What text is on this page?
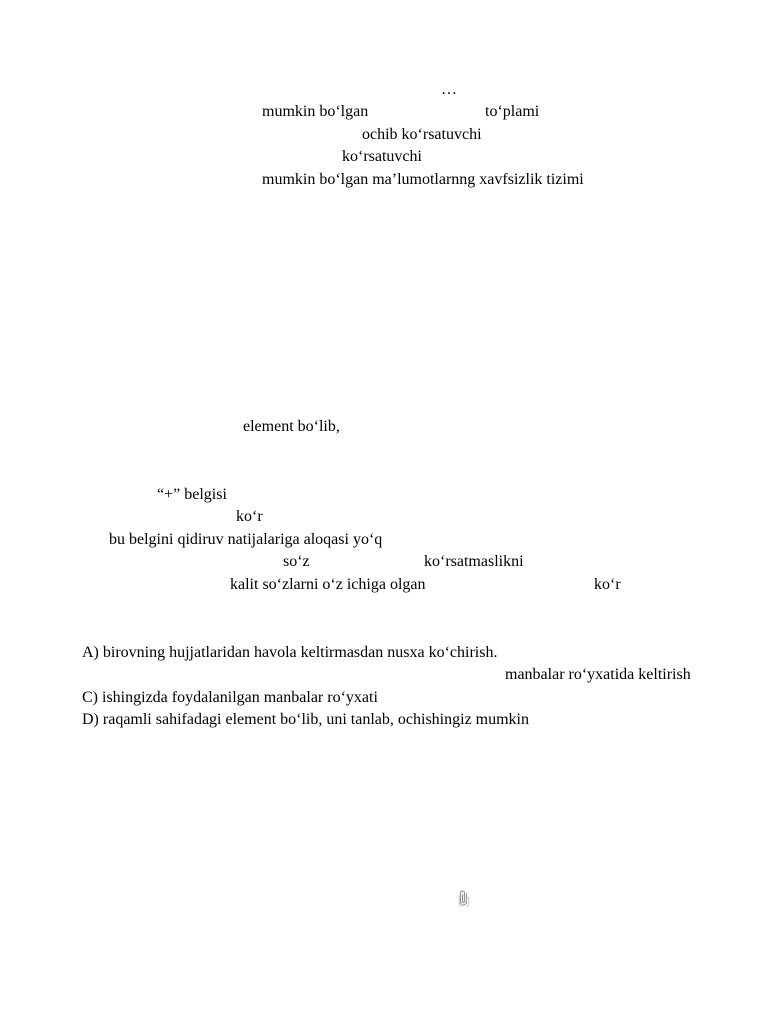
…
mumkin bo‘lgan	to‘plami
ochib ko‘rsatuvchi
ko‘rsatuvchi
mumkin bo‘lgan ma’lumotlarnng xavfsizlik tizimi
element bo‘lib,
“+” belgisi
ko‘r
bu belgini qidiruv natijalariga aloqasi yo‘q
so‘z	ko‘rsatmaslikni
kalit so‘zlarni o‘z ichiga olgan	ko‘r
A) birovning hujjatlaridan havola keltirmasdan nusxa ko‘chirish.
manbalar ro‘yxatida keltirish
C) ishingizda foydalanilgan manbalar ro‘yxati
D) raqamli sahifadagi element bo‘lib, uni tanlab, ochishingiz mumkin
